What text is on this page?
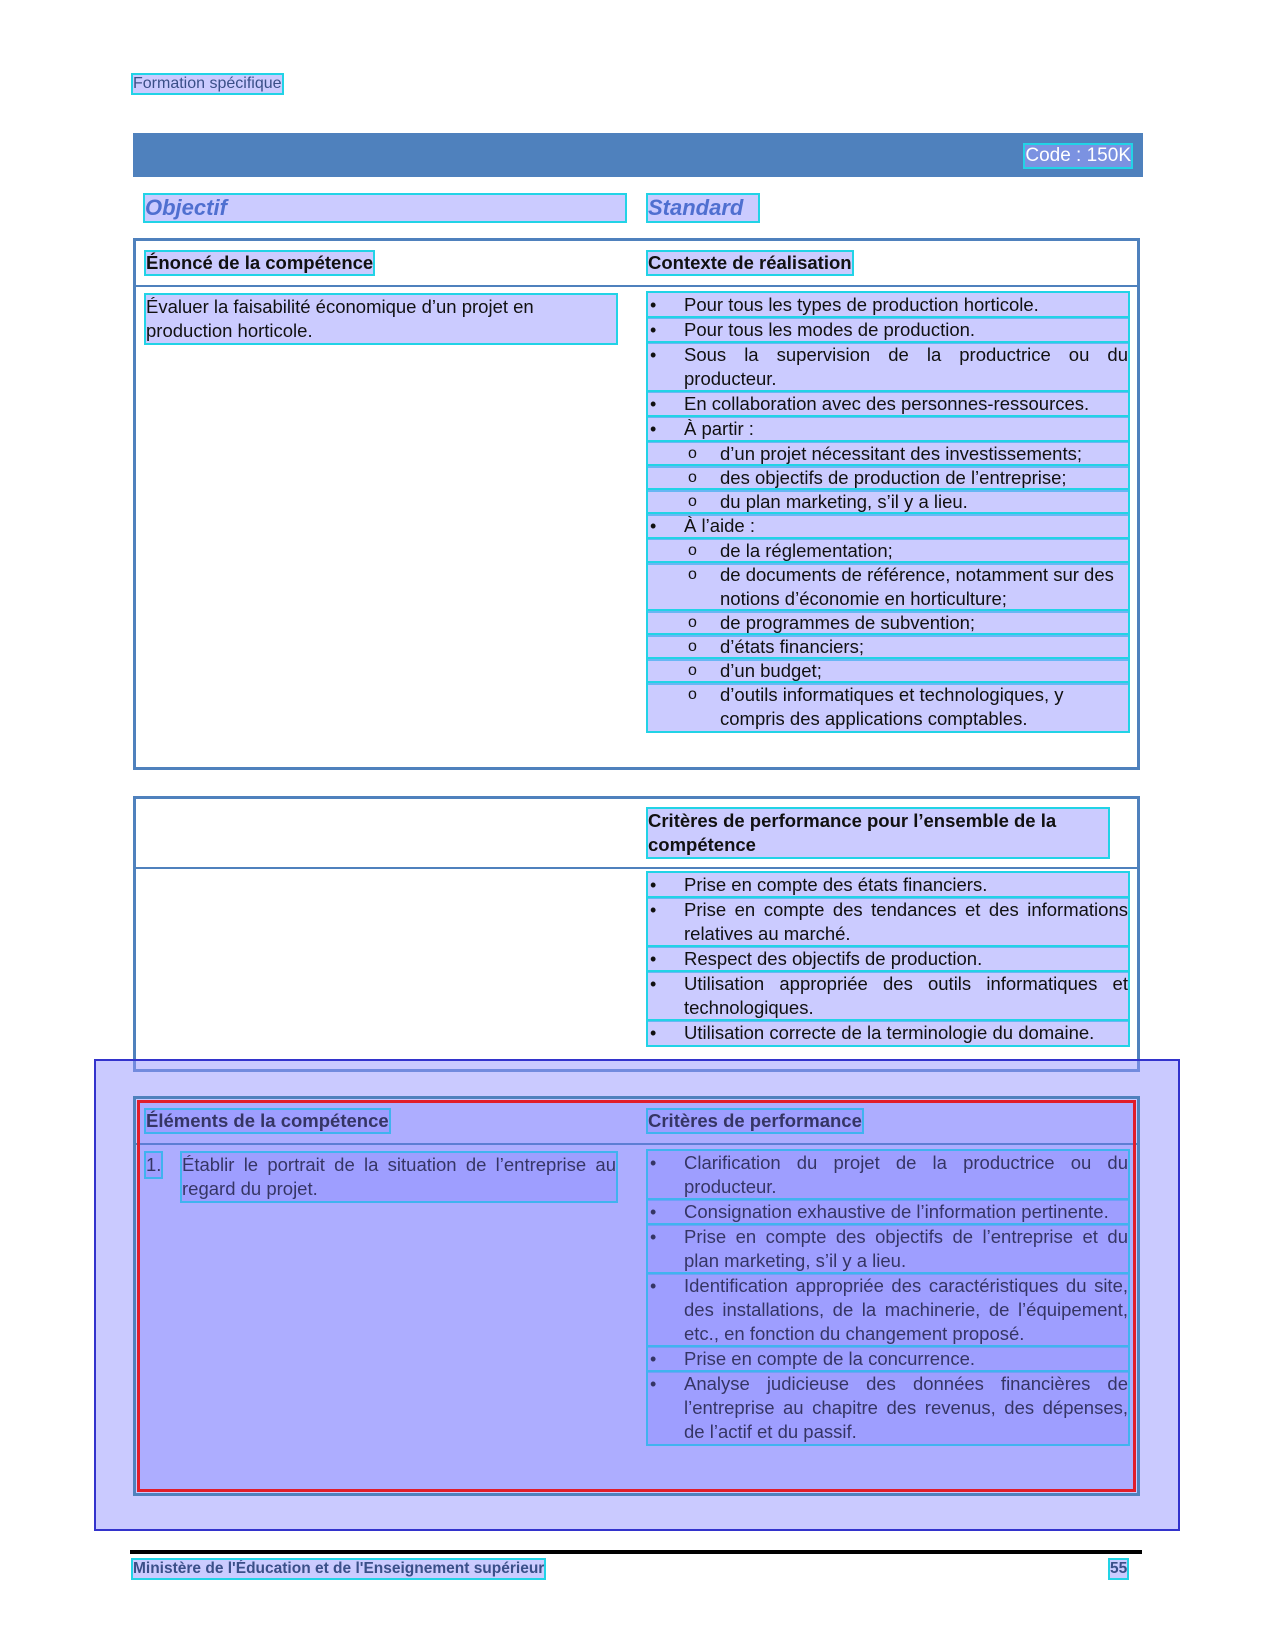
Formation spécifique
Code : 150K
Objectif	Standard
Énoncé de la compétence	Contexte de réalisation
Évaluer la faisabilité économique d’un projet en production horticole.
• Pour tous les types de production horticole.
• Pour tous les modes de production.
• Sous la supervision de la productrice ou du producteur.
• En collaboration avec des personnes-ressources.
• À partir :
o d’un projet nécessitant des investissements;
o des objectifs de production de l’entreprise;
o du plan marketing, s’il y a lieu.
• À l’aide :
o de la réglementation;
o de documents de référence, notamment sur des notions d’économie en horticulture;
o de programmes de subvention;
o d’états financiers;
o d’un budget;
o d’outils informatiques et technologiques, y compris des applications comptables.
Critères de performance pour l’ensemble de la compétence
• Prise en compte des états financiers.
• Prise en compte des tendances et des informations relatives au marché.
• Respect des objectifs de production.
• Utilisation appropriée des outils informatiques et technologiques.
• Utilisation correcte de la terminologie du domaine.
Éléments de la compétence	Critères de performance
1. Établir le portrait de la situation de l’entreprise au regard du projet.
• Clarification du projet de la productrice ou du producteur.
• Consignation exhaustive de l’information pertinente.
• Prise en compte des objectifs de l’entreprise et du plan marketing, s’il y a lieu.
• Identification appropriée des caractéristiques du site, des installations, de la machinerie, de l’équipement, etc., en fonction du changement proposé.
• Prise en compte de la concurrence.
• Analyse judicieuse des données financières de l’entreprise au chapitre des revenus, des dépenses, de l’actif et du passif.
Ministère de l'Éducation et de l'Enseignement supérieur	55
